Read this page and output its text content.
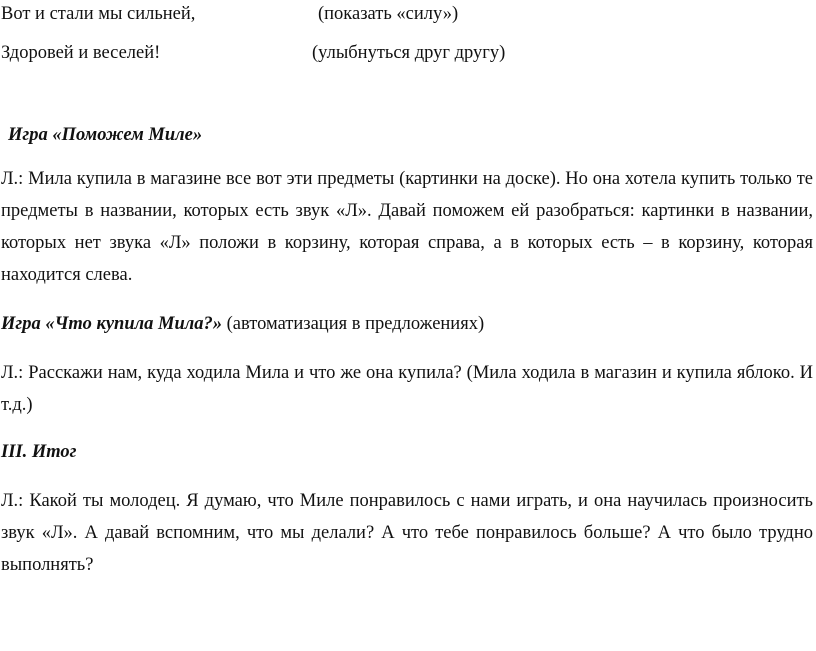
Вот и стали мы сильней,	(показать «силу»)
Здоровей и веселей!	(улыбнуться друг другу)
Игра «Поможем Миле»
Л.: Мила купила в магазине все вот эти предметы (картинки на доске). Но она хотела купить только те предметы в названии, которых есть звук «Л». Давай поможем ей разобраться: картинки в названии, которых нет звука «Л» положи в корзину, которая справа, а в которых есть – в корзину, которая находится слева.
Игра «Что купила Мила?» (автоматизация в предложениях)
Л.: Расскажи нам, куда ходила Мила и что же она купила? (Мила ходила в магазин и купила яблоко. И т.д.)
III. Итог
Л.: Какой ты молодец. Я думаю, что Миле понравилось с нами играть, и она научилась произносить звук «Л». А давай вспомним, что мы делали? А что тебе понравилось больше? А что было трудно выполнять?
